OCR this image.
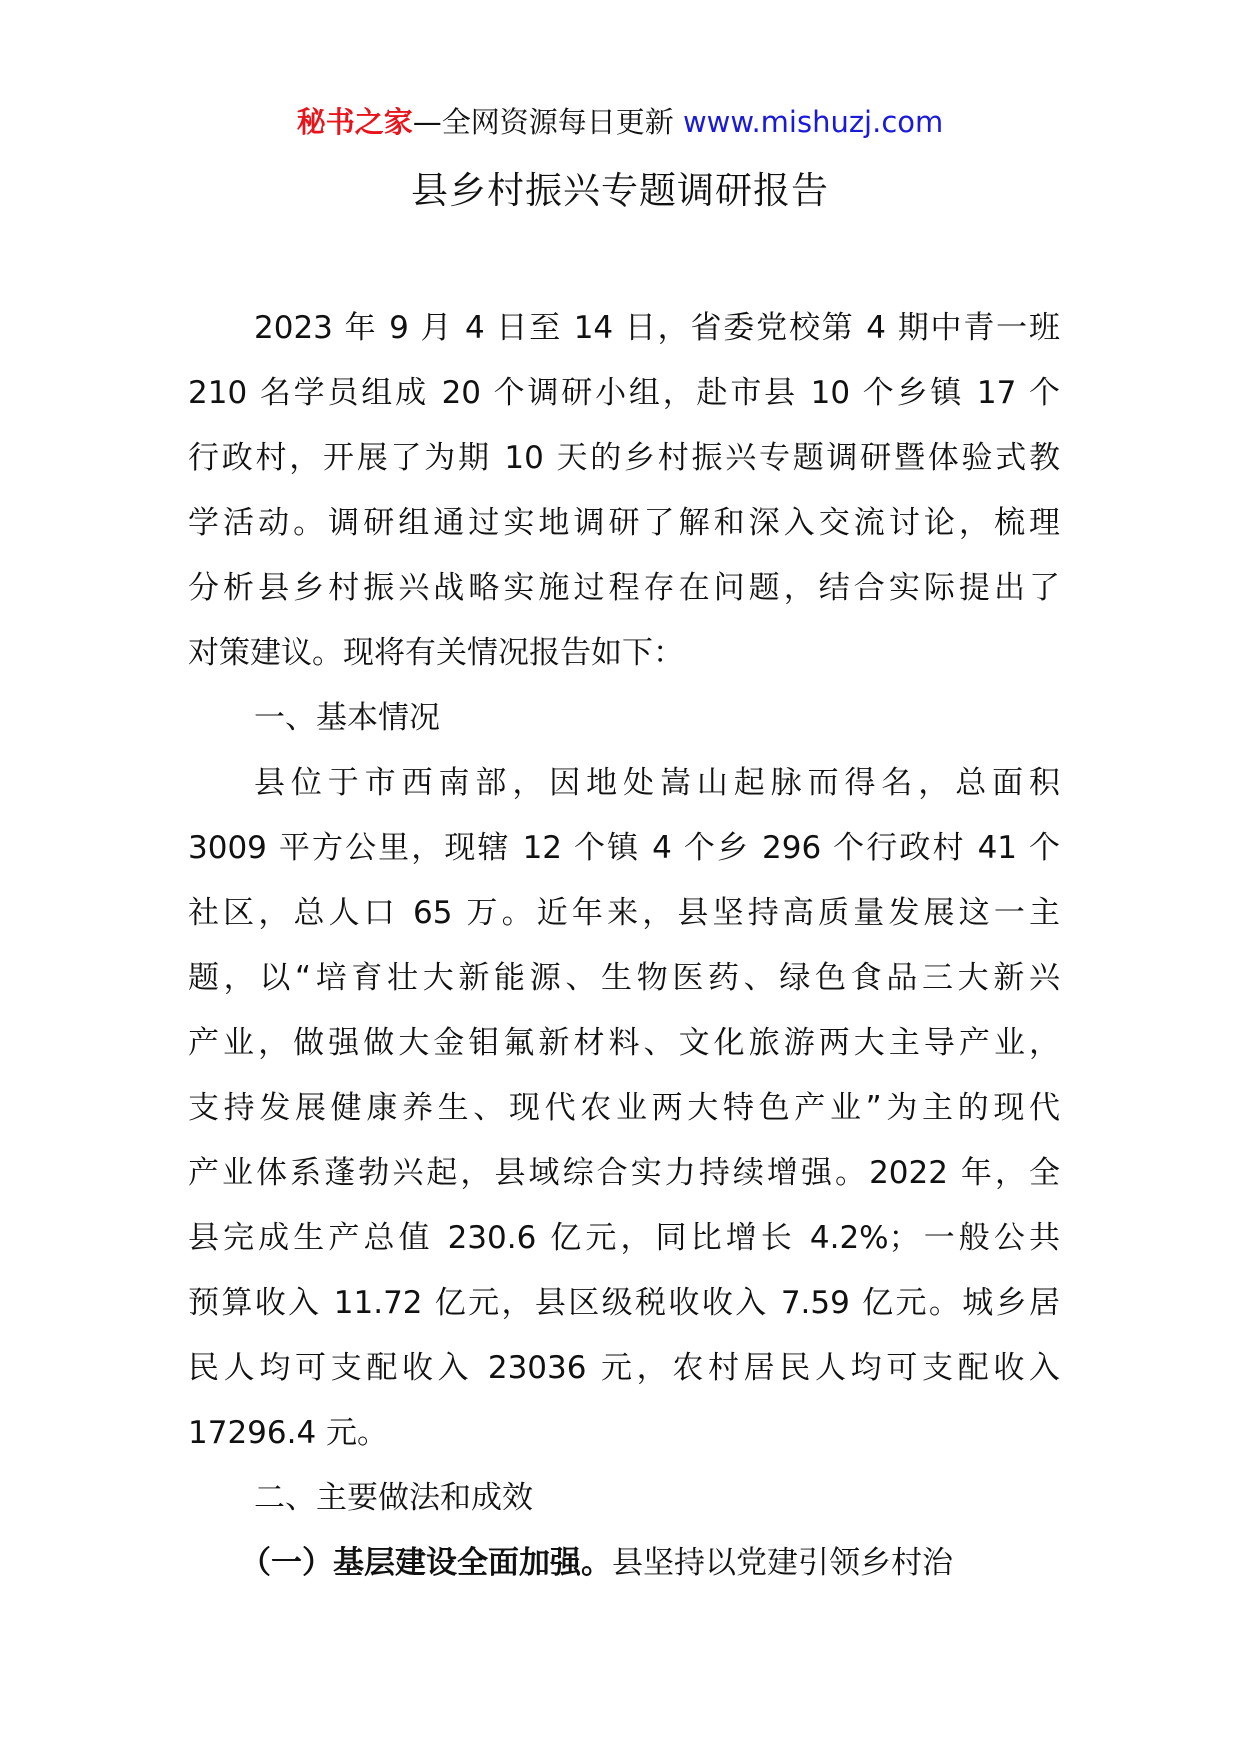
秘书之家—全网资源每日更新 www.mishuzj.com
县乡村振兴专题调研报告
2023 年 9 月 4 日至 14 日，省委党校第 4 期中青一班
210 名学员组成 20 个调研小组，赴市县 10 个乡镇 17 个
行政村，开展了为期 10 天的乡村振兴专题调研暨体验式教
学活动。调研组通过实地调研了解和深入交流讨论，梳理
分析县乡村振兴战略实施过程存在问题，结合实际提出了
对策建议。现将有关情况报告如下：
一、基本情况
县位于市西南部，因地处嵩山起脉而得名，总面积
3009 平方公里，现辖 12 个镇 4 个乡 296 个行政村 41 个
社区，总人口 65 万。近年来，县坚持高质量发展这一主
题，以“培育壮大新能源、生物医药、绿色食品三大新兴
产业，做强做大金钼氟新材料、文化旅游两大主导产业，
支持发展健康养生、现代农业两大特色产业”为主的现代
产业体系蓬勃兴起，县域综合实力持续增强。2022 年，全
县完成生产总值 230.6 亿元，同比增长 4.2%；一般公共
预算收入 11.72 亿元，县区级税收收入 7.59 亿元。城乡居
民人均可支配收入 23036 元，农村居民人均可支配收入
17296.4 元。
二、主要做法和成效
（一）基层建设全面加强。县坚持以党建引领乡村治
